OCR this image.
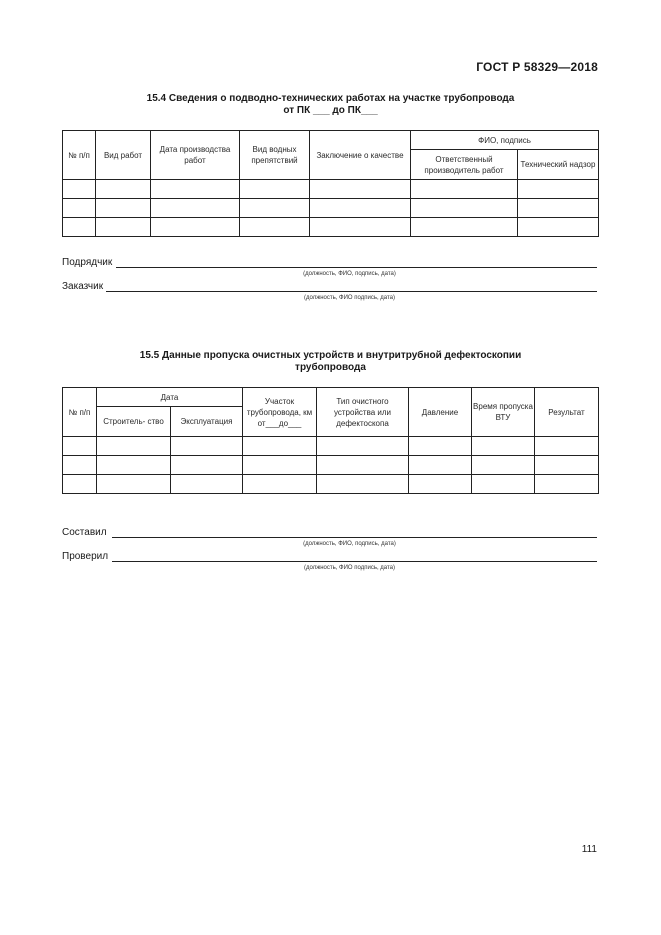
ГОСТ Р 58329—2018
15.4 Сведения о подводно-технических работах на участке трубопровода
от ПК ___ до ПК___
№ п/п	Вид работ	Дата производства работ	Вид водных препятствий	Заключение о качестве	ФИО, подпись	
					Ответственный производитель работ	Технический надзор

Подрядчик
(должность, ФИО, подпись, дата)
Заказчик
(должность, ФИО подпись, дата)
15.5 Данные пропуска очистных устройств и внутритрубной дефектоскопии
трубопровода
№ п/п	Дата		Участок трубопровода, км от___до___	Тип очистного устройства или дефектоскопа	Давление	Время пропуска ВТУ	Результат
	Строитель- ство	Эксплуатация					

Составил
(должность, ФИО, подпись, дата)
Проверил
(должность, ФИО подпись, дата)
111
